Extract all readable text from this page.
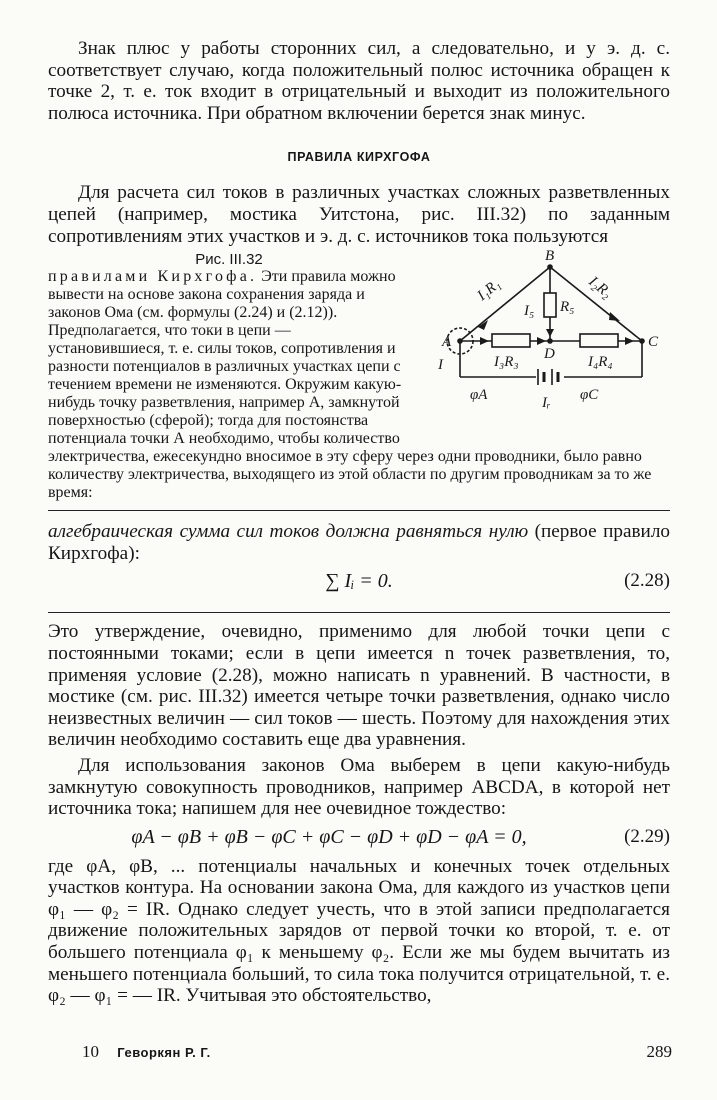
Знак плюс у работы сторонних сил, а следовательно, и у э. д. с. соответствует случаю, когда положительный полюс источника обращен к точке 2, т. е. ток входит в отрицательный и выходит из положительного полюса источника. При обратном включении берется знак минус.

ПРАВИЛА КИРХГОФА

Для расчета сил токов в различных участках сложных разветвленных цепей (например, мостика Уитстона, рис. III.32) по заданным сопротивлениям этих участков и э. д. с. источников тока пользуются
B
A	C
D
I
I₁R₁	I₂R₂
I₅ R₅
I₃R₃	I₄R₄
φA	φC
Iᵣ

Рис. III.32
правилами Кирхгофа. Эти правила можно вывести на основе закона сохранения заряда и законов Ома (см. формулы (2.24) и (2.12)). Предполагается, что токи в цепи — установившиеся, т. е. силы токов, сопротивления и разности потенциалов в различных участках цепи с течением времени не изменяются. Окружим какую-нибудь точку разветвления, например А, замкнутой поверхностью (сферой); тогда для постоянства потенциала точки А необходимо, чтобы количество электричества, ежесекундно вносимое в эту сферу через одни проводники, было равно количеству электричества, выходящего из этой области по другим проводникам за то же время:

алгебраическая сумма сил токов должна равняться нулю (первое правило Кирхгофа):

∑ Iᵢ = 0.	(2.28)

Это утверждение, очевидно, применимо для любой точки цепи с постоянными токами; если в цепи имеется n точек разветвления, то, применяя условие (2.28), можно написать n уравнений. В частности, в мостике (см. рис. III.32) имеется четыре точки разветвления, однако число неизвестных величин — сил токов — шесть. Поэтому для нахождения этих величин необходимо составить еще два уравнения.

Для использования законов Ома выберем в цепи какую-нибудь замкнутую совокупность проводников, например ABCDA, в которой нет источника тока; напишем для нее очевидное тождество:

φA − φB + φB − φC + φC − φD + φD − φA = 0,	(2.29)

где φA, φB, ... потенциалы начальных и конечных точек отдельных участков контура. На основании закона Ома, для каждого из участков цепи φ₁ — φ₂ = IR. Однако следует учесть, что в этой записи предполагается движение положительных зарядов от первой точки ко второй, т. е. от большего потенциала φ₁ к меньшему φ₂. Если же мы будем вычитать из меньшего потенциала больший, то сила тока получится отрицательной, т. е. φ₂ — φ₁ = — IR. Учитывая это обстоятельство,

10 Геворкян Р. Г.	289
